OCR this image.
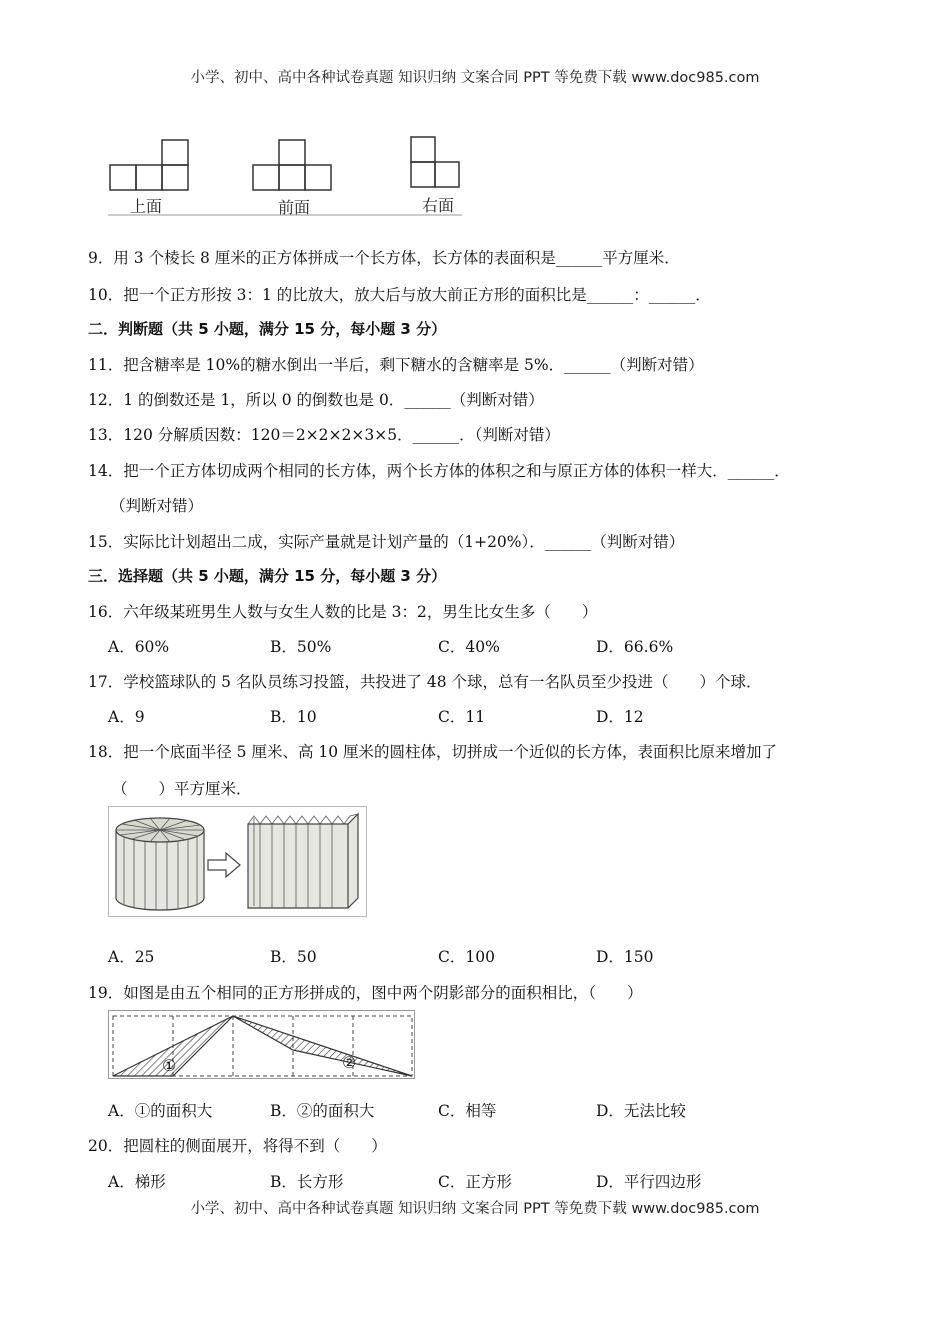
小学、初中、高中各种试卷真题 知识归纳 文案合同 PPT 等免费下载 www.doc985.com
上面	前面	右面
9．用 3 个棱长 8 厘米的正方体拼成一个长方体，长方体的表面积是______平方厘米．
10．把一个正方形按 3：1 的比放大，放大后与放大前正方形的面积比是______：______．
二．判断题（共 5 小题，满分 15 分，每小题 3 分）
11．把含糖率是 10%的糖水倒出一半后，剩下糖水的含糖率是 5%．______（判断对错）
12．1 的倒数还是 1，所以 0 的倒数也是 0．______（判断对错）
13．120 分解质因数：120＝2×2×2×3×5．______．（判断对错）
14．把一个正方体切成两个相同的长方体，两个长方体的体积之和与原正方体的体积一样大．______．
（判断对错）
15．实际比计划超出二成，实际产量就是计划产量的（1+20%）．______（判断对错）
三．选择题（共 5 小题，满分 15 分，每小题 3 分）
16．六年级某班男生人数与女生人数的比是 3：2，男生比女生多（　　）
A．60%	B．50%	C．40%	D．66.6%
17．学校篮球队的 5 名队员练习投篮，共投进了 48 个球，总有一名队员至少投进（　　）个球．
A．9	B．10	C．11	D．12
18．把一个底面半径 5 厘米、高 10 厘米的圆柱体，切拼成一个近似的长方体，表面积比原来增加了
（　　）平方厘米．
A．25	B．50	C．100	D．150
19．如图是由五个相同的正方形拼成的，图中两个阴影部分的面积相比，（　　）
①	②
A．①的面积大	B．②的面积大	C．相等	D．无法比较
20．把圆柱的侧面展开，将得不到（　　）
A．梯形	B．长方形	C．正方形	D．平行四边形
小学、初中、高中各种试卷真题 知识归纳 文案合同 PPT 等免费下载 www.doc985.com
